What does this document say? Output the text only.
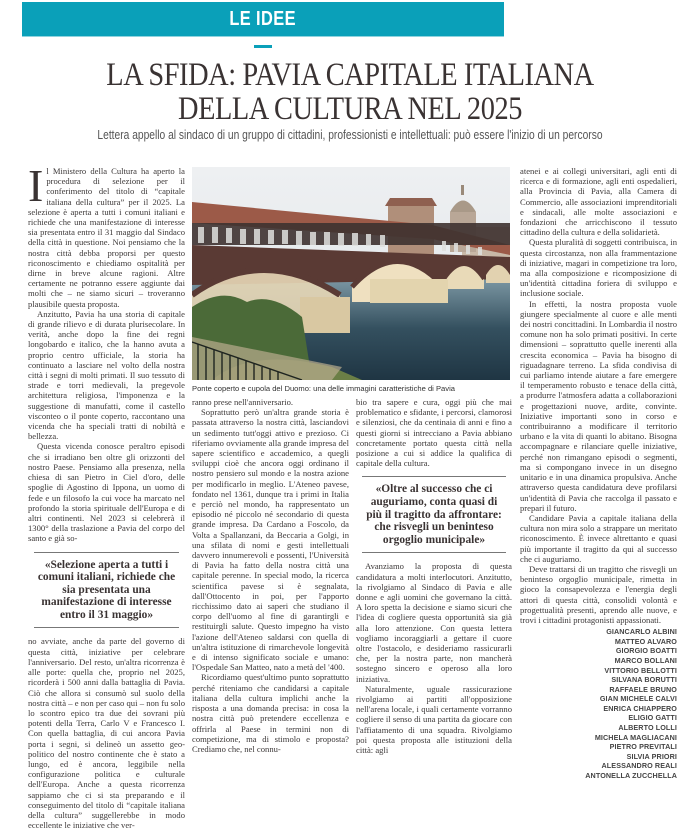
LE IDEE
LA SFIDA: PAVIA CAPITALE ITALIANA
DELLA CULTURA NEL 2025
Lettera appello al sindaco di un gruppo di cittadini, professionisti e intellettuali: può essere l'inizio di un percorso

Il Ministero della Cultura ha aperto la procedura di selezione per il conferimento del titolo di “capitale italiana della cultura” per il 2025. La selezione è aperta a tutti i comuni italiani e richiede che una manifestazione di interesse sia presentata entro il 31 maggio dal Sindaco della città in questione. Noi pensiamo che la nostra città debba proporsi per questo riconoscimento e chiediamo ospitalità per dirne in breve alcune ragioni. Altre certamente ne potranno essere aggiunte dai molti che – ne siamo sicuri – troveranno plausibile questa proposta.

Anzitutto, Pavia ha una storia di capitale di grande rilievo e di durata plurisecolare. In verità, anche dopo la fine dei regni longobardo e italico, che la hanno avuta a proprio centro ufficiale, la storia ha continuato a lasciare nel volto della nostra città i segni di molti primati. Il suo tessuto di strade e torri medievali, la pregevole architettura religiosa, l'imponenza e la suggestione di manufatti, come il castello visconteo o il ponte coperto, raccontano una vicenda che ha speciali tratti di nobiltà e bellezza.

Questa vicenda conosce peraltro episodi che si irradiano ben oltre gli orizzonti del nostro Paese. Pensiamo alla presenza, nella chiesa di san Pietro in Ciel d'oro, delle spoglie di Agostino di Ippona, un uomo di fede e un filosofo la cui voce ha marcato nel profondo la storia spirituale dell'Europa e di altri continenti. Nel 2023 si celebrerà il 1300° della traslazione a Pavia del corpo del santo e già so-

«Selezione aperta a tutti i comuni italiani, richiede che sia presentata una manifestazione di interesse entro il 31 maggio»

no avviate, anche da parte del governo di questa città, iniziative per celebrare l'anniversario. Del resto, un'altra ricorrenza è alle porte: quella che, proprio nel 2025, ricorderà i 500 anni dalla battaglia di Pavia. Ciò che allora si consumò sul suolo della nostra città – e non per caso qui – non fu solo lo scontro epico tra due dei sovrani più potenti della Terra, Carlo V e Francesco I. Con quella battaglia, di cui ancora Pavia porta i segni, si delineò un assetto geo-politico del nostro continente che è stato a lungo, ed è ancora, leggibile nella configurazione politica e culturale dell'Europa. Anche a questa ricorrenza sappiamo che ci si sta preparando e il conseguimento del titolo di “capitale italiana della cultura” suggellerebbe in modo eccellente le iniziative che ver-

Ponte coperto e cupola del Duomo: una delle immagini caratteristiche di Pavia

ranno prese nell'anniversario.

Soprattutto però un'altra grande storia è passata attraverso la nostra città, lasciandovi un sedimento tutt'oggi attivo e prezioso. Ci riferiamo ovviamente alla grande impresa del sapere scientifico e accademico, a quegli sviluppi cioè che ancora oggi ordinano il nostro pensiero sul mondo e la nostra azione per modificarlo in meglio. L'Ateneo pavese, fondato nel 1361, dunque tra i primi in Italia e perciò nel mondo, ha rappresentato un episodio né piccolo né secondario di questa grande impresa. Da Cardano a Foscolo, da Volta a Spallanzani, da Beccaria a Golgi, in una sfilata di nomi e gesti intellettuali davvero innumerevoli e possenti, l'Università di Pavia ha fatto della nostra città una capitale perenne. In special modo, la ricerca scientifica pavese si è segnalata, dall'Ottocento in poi, per l'apporto ricchissimo dato ai saperi che studiano il corpo dell'uomo al fine di garantirgli e restituirgli salute. Questo impegno ha visto l'azione dell'Ateneo saldarsi con quella di un'altra istituzione di rimarchevole longevità e di intenso significato sociale e umano: l'Ospedale San Matteo, nato a metà del '400.

Ricordiamo quest'ultimo punto soprattutto perché riteniamo che candidarsi a capitale italiana della cultura implichi anche la risposta a una domanda precisa: in cosa la nostra città può pretendere eccellenza e offrirla al Paese in termini non di competizione, ma di stimolo e proposta? Crediamo che, nel connu-

bio tra sapere e cura, oggi più che mai problematico e sfidante, i percorsi, clamorosi e silenziosi, che da centinaia di anni e fino a questi giorni si intrecciano a Pavia abbiano concretamente portato questa città nella posizione a cui si addice la qualifica di capitale della cultura.

«Oltre al successo che ci auguriamo, conta quasi di più il tragitto da affrontare: che risvegli un beninteso orgoglio municipale»

Avanziamo la proposta di questa candidatura a molti interlocutori. Anzitutto, la rivolgiamo al Sindaco di Pavia e alle donne e agli uomini che governano la città. A loro spetta la decisione e siamo sicuri che l'idea di cogliere questa opportunità sia già alla loro attenzione. Con questa lettera vogliamo incoraggiarli a gettare il cuore oltre l'ostacolo, e desideriamo rassicurarli che, per la nostra parte, non mancherà sostegno sincero e operoso alla loro iniziativa.

Naturalmente, uguale rassicurazione rivolgiamo ai partiti all'opposizione nell'arena locale, i quali certamente vorranno cogliere il senso di una partita da giocare con l'affiatamento di una squadra. Rivolgiamo poi questa proposta alle istituzioni della città: agli

atenei e ai collegi universitari, agli enti di ricerca e di formazione, agli enti ospedalieri, alla Provincia di Pavia, alla Camera di Commercio, alle associazioni imprenditoriali e sindacali, alle molte associazioni e fondazioni che arricchiscono il tessuto cittadino della cultura e della solidarietà.

Questa pluralità di soggetti contribuisca, in questa circostanza, non alla frammentazione di iniziative, magari in competizione tra loro, ma alla composizione e ricomposizione di un'identità cittadina foriera di sviluppo e inclusione sociale.

In effetti, la nostra proposta vuole giungere specialmente al cuore e alle menti dei nostri concittadini. In Lombardia il nostro comune non ha solo primati positivi. In certe dimensioni – soprattutto quelle inerenti alla crescita economica – Pavia ha bisogno di riguadagnare terreno. La sfida condivisa di cui parliamo intende aiutare a fare emergere il temperamento robusto e tenace della città, a produrre l'atmosfera adatta a collaborazioni e progettazioni nuove, ardite, convinte. Iniziative importanti sono in corso e contribuiranno a modificare il territorio urbano e la vita di quanti lo abitano. Bisogna accompagnare e rilanciare quelle iniziative, perché non rimangano episodi o segmenti, ma si compongano invece in un disegno unitario e in una dinamica propulsiva. Anche attraverso questa candidatura deve profilarsi un'identità di Pavia che raccolga il passato e prepari il futuro.

Candidare Pavia a capitale italiana della cultura non mira solo a strappare un meritato riconoscimento. È invece altrettanto e quasi più importante il tragitto da qui al successo che ci auguriamo.

Deve trattarsi di un tragitto che risvegli un beninteso orgoglio municipale, rimetta in gioco la consapevolezza e l'energia degli attori di questa città, consolidi volontà e progettualità presenti, aprendo alle nuove, e trovi i cittadini protagonisti appassionati.

GIANCARLO ALBINI
MATTEO ALVARO
GIORGIO BOATTI
MARCO BOLLANI
VITTORIO BELLOTTI
SILVANA BORUTTI
RAFFAELE BRUNO
GIAN MICHELE CALVI
ENRICA CHIAPPERO
ELIGIO GATTI
ALBERTO LOLLI
MICHELA MAGLIACANI
PIETRO PREVITALI
SILVIA PRIORI
ALESSANDRO REALI
ANTONELLA ZUCCHELLA
